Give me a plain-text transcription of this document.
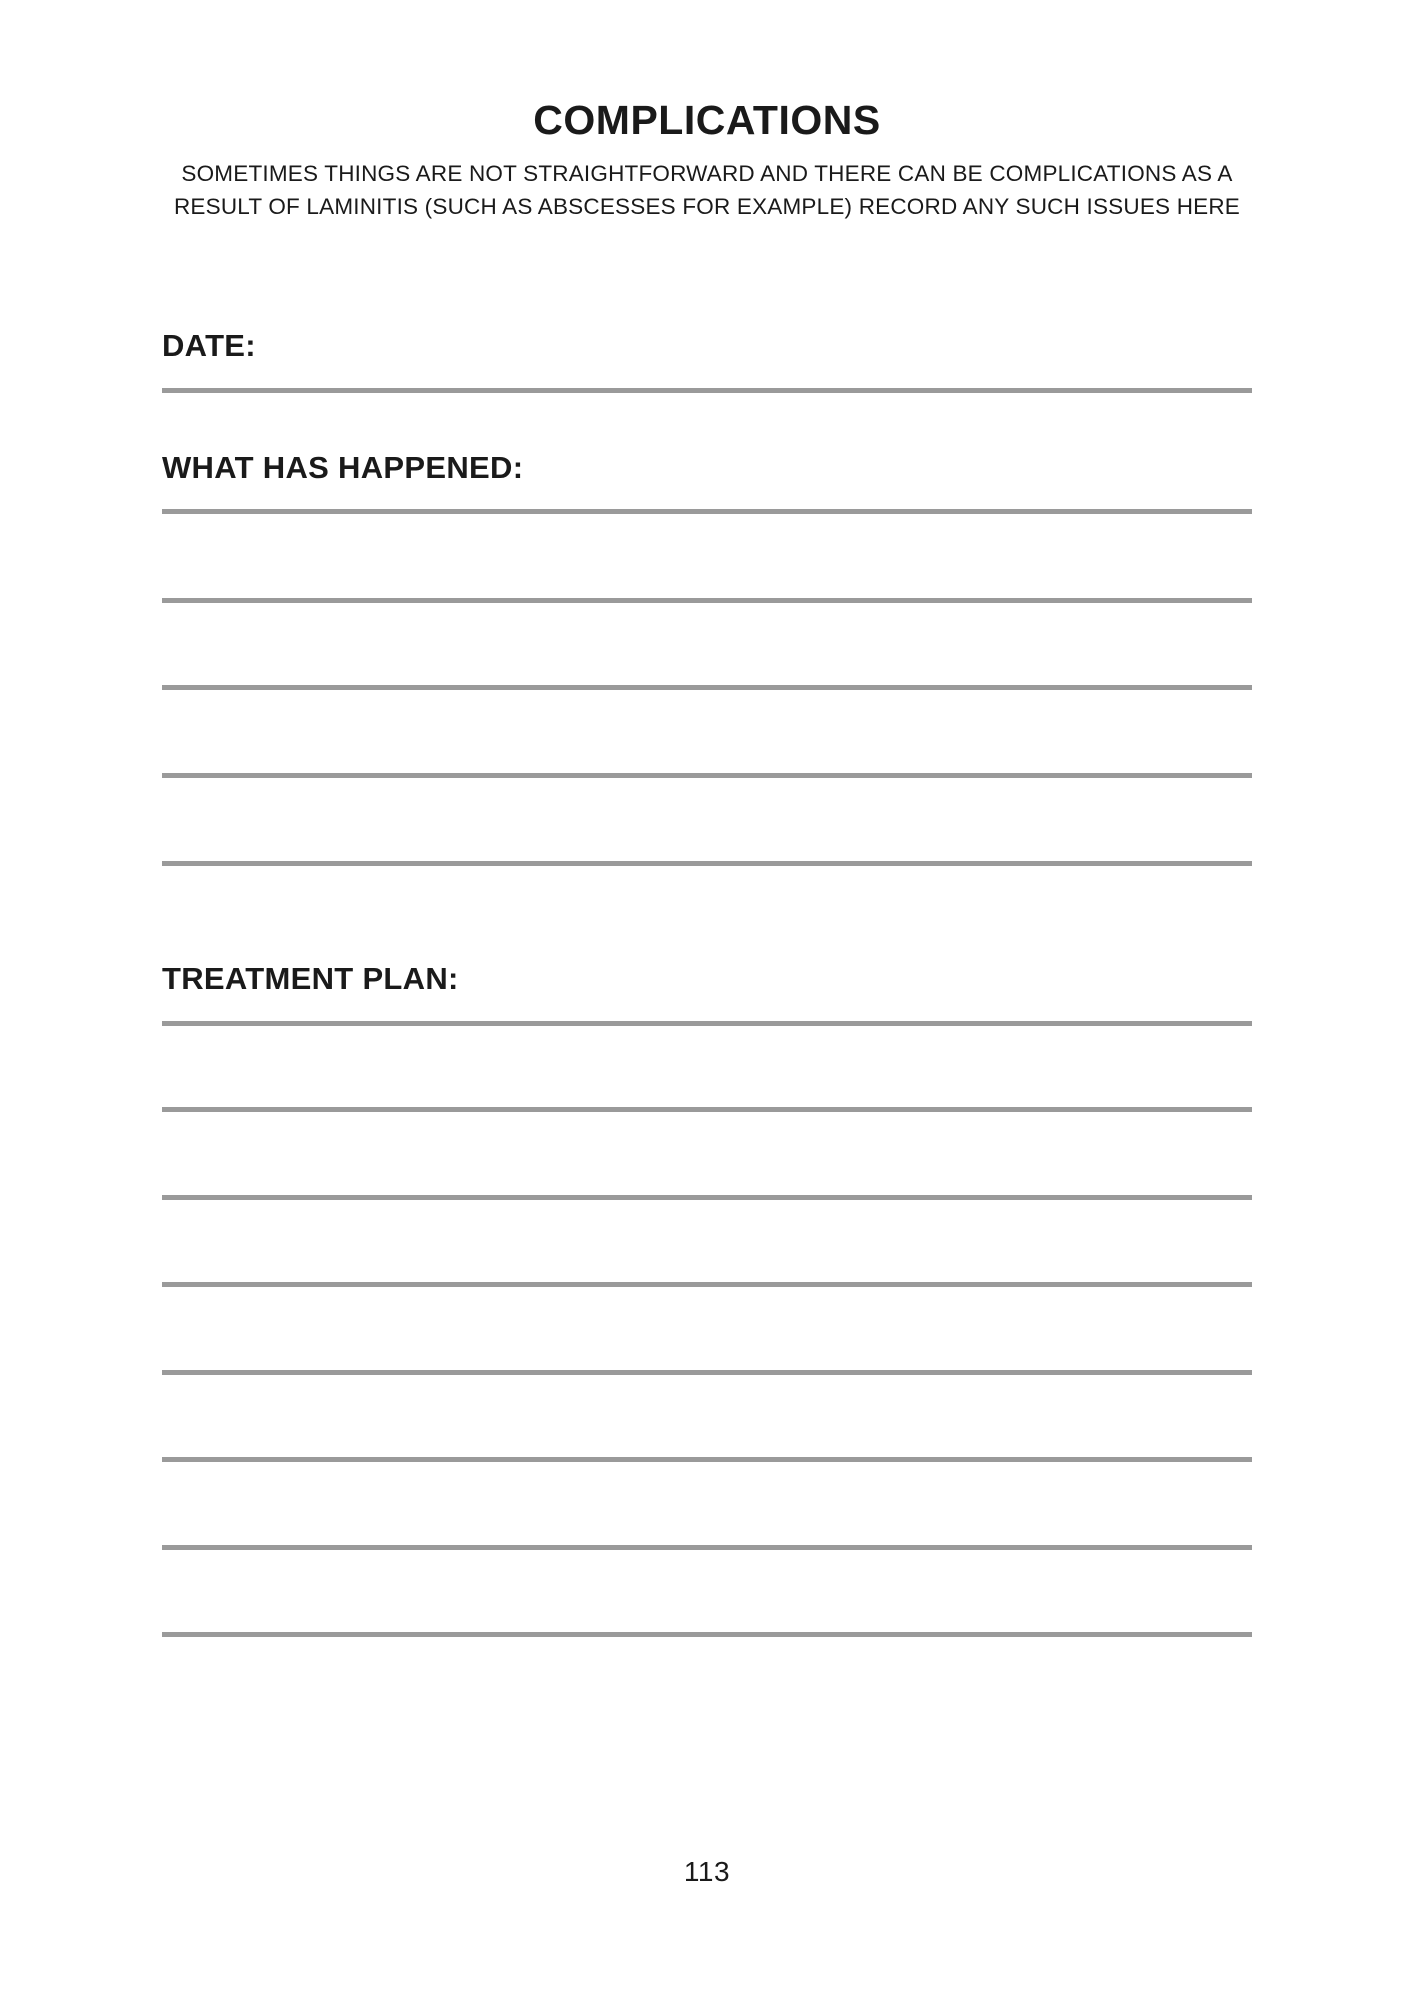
COMPLICATIONS

SOMETIMES THINGS ARE NOT STRAIGHTFORWARD AND THERE CAN BE COMPLICATIONS AS A RESULT OF LAMINITIS (SUCH AS ABSCESSES FOR EXAMPLE) RECORD ANY SUCH ISSUES HERE

DATE:
WHAT HAS HAPPENED:
TREATMENT PLAN:
113
